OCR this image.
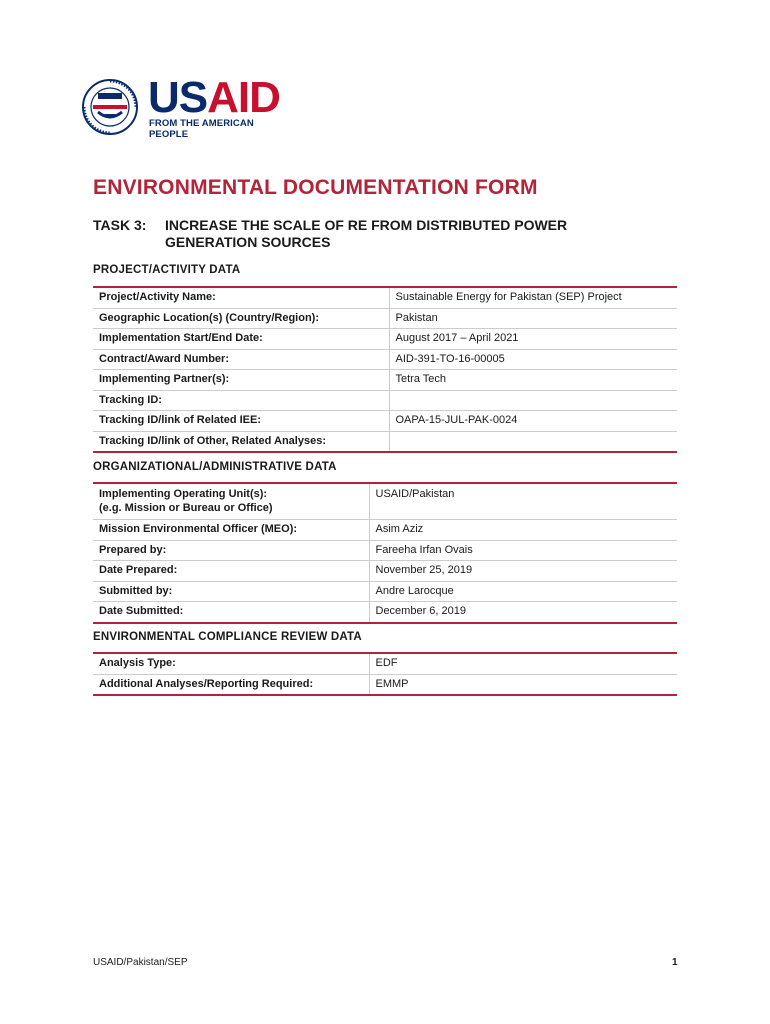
USAID
FROM THE AMERICAN PEOPLE
ENVIRONMENTAL DOCUMENTATION FORM
TASK 3: INCREASE THE SCALE OF RE FROM DISTRIBUTED POWER
GENERATION SOURCES
PROJECT/ACTIVITY DATA
Project/Activity Name:	Sustainable Energy for Pakistan (SEP) Project
Geographic Location(s) (Country/Region):	Pakistan
Implementation Start/End Date:	August 2017 – April 2021
Contract/Award Number:	AID-391-TO-16-00005
Implementing Partner(s):	Tetra Tech
Tracking ID:	
Tracking ID/link of Related IEE:	OAPA-15-JUL-PAK-0024
Tracking ID/link of Other, Related Analyses:	
ORGANIZATIONAL/ADMINISTRATIVE DATA
Implementing Operating Unit(s):
(e.g. Mission or Bureau or Office)	USAID/Pakistan
Mission Environmental Officer (MEO):	Asim Aziz
Prepared by:	Fareeha Irfan Ovais
Date Prepared:	November 25, 2019
Submitted by:	Andre Larocque
Date Submitted:	December 6, 2019
ENVIRONMENTAL COMPLIANCE REVIEW DATA
Analysis Type:	EDF
Additional Analyses/Reporting Required:	EMMP
USAID/Pakistan/SEP	1
